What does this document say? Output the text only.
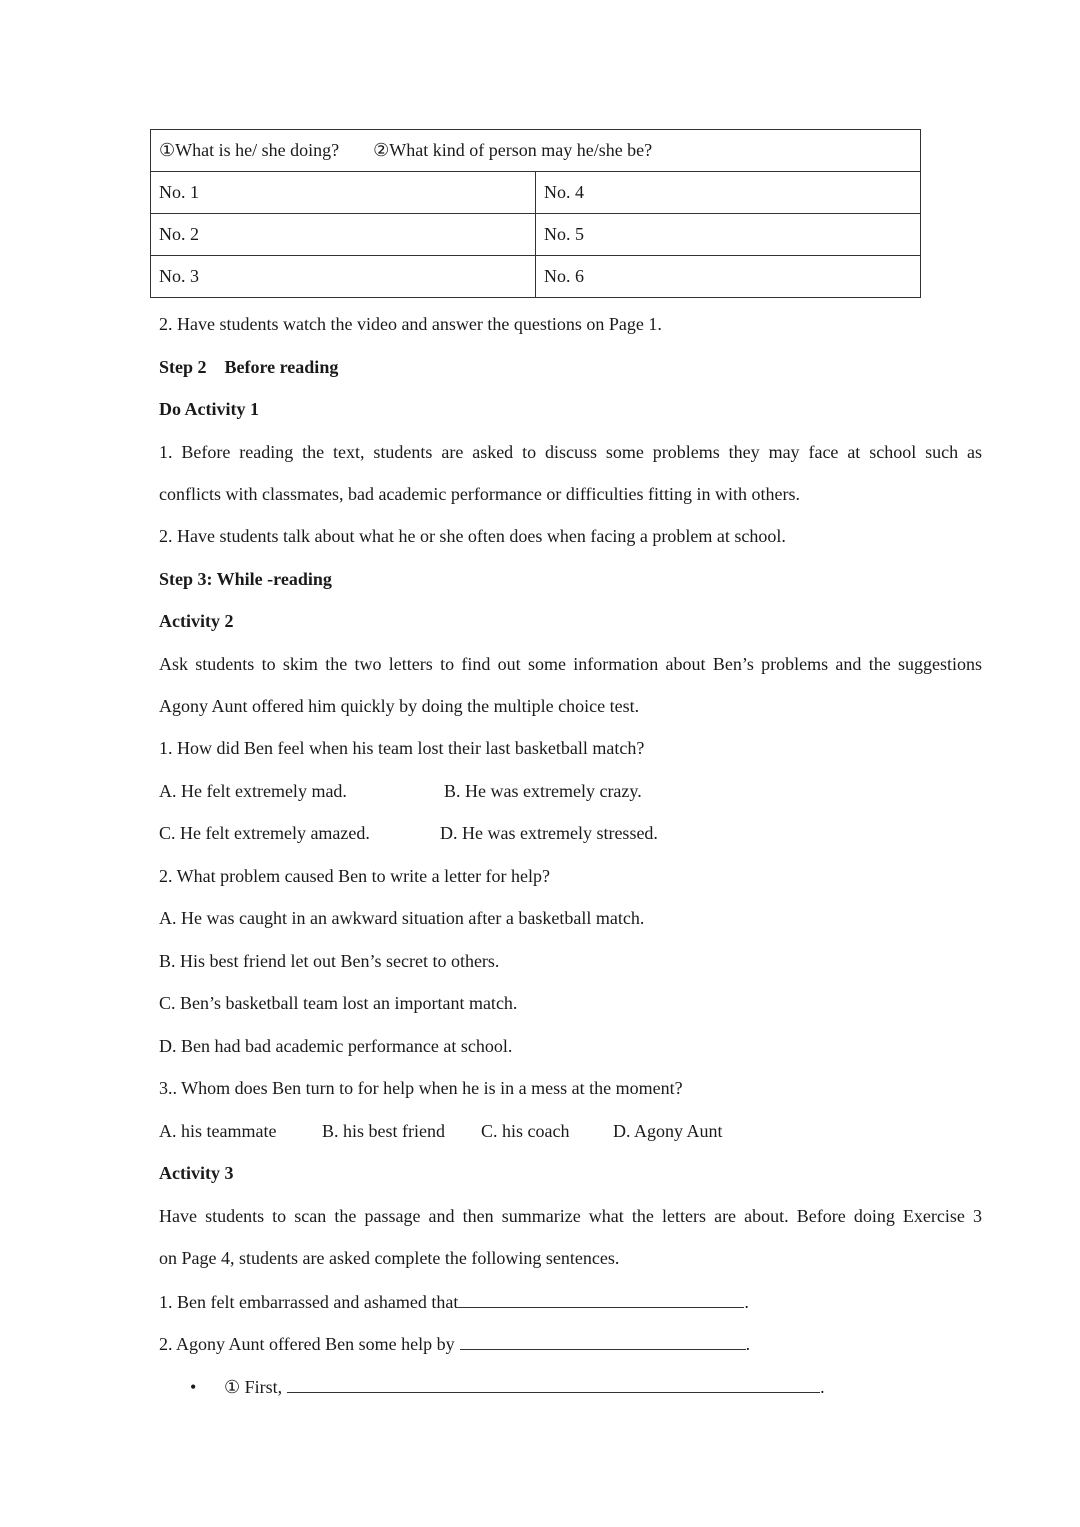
①What is he/ she doing? ②What kind of person may he/she be?	
No. 1	No. 4
No. 2	No. 5
No. 3	No. 6
2. Have students watch the video and answer the questions on Page 1.
Step 2    Before reading
Do Activity 1
1. Before reading the text, students are asked to discuss some problems they may face at school such as
conflicts with classmates, bad academic performance or difficulties fitting in with others.
2. Have students talk about what he or she often does when facing a problem at school.
Step 3: While -reading
Activity 2
Ask students to skim the two letters to find out some information about Ben’s problems and the suggestions
Agony Aunt offered him quickly by doing the multiple choice test.
1. How did Ben feel when his team lost their last basketball match?
A. He felt extremely mad.	B. He was extremely crazy.
C. He felt extremely amazed.	D. He was extremely stressed.
2. What problem caused Ben to write a letter for help?
A. He was caught in an awkward situation after a basketball match.
B. His best friend let out Ben’s secret to others.
C. Ben’s basketball team lost an important match.
D. Ben had bad academic performance at school.
3.. Whom does Ben turn to for help when he is in a mess at the moment?
A. his teammate	B. his best friend C. his coach D. Agony Aunt
Activity 3
Have students to scan the passage and then summarize what the letters are about. Before doing Exercise 3
on Page 4, students are asked complete the following sentences.
1. Ben felt embarrassed and ashamed that	.
2. Agony Aunt offered Ben some help by	.
• ① First,	.
